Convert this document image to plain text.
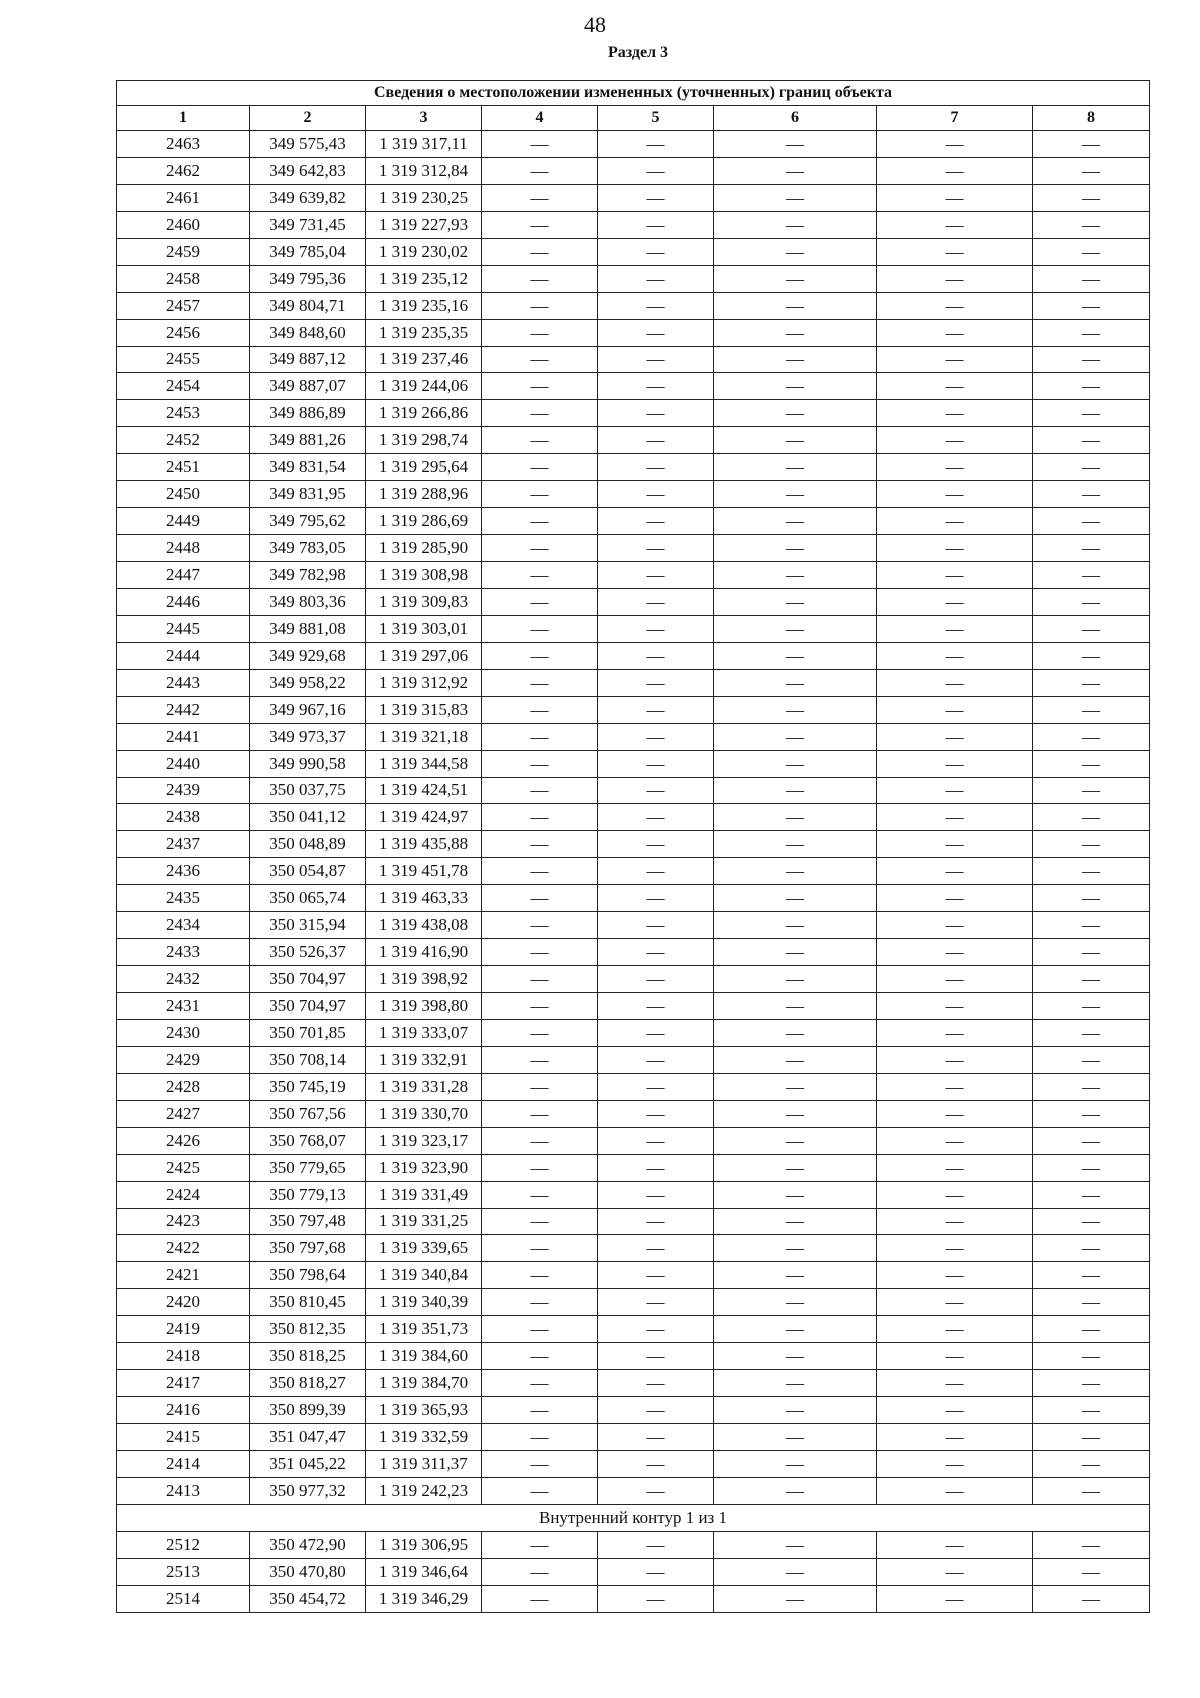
48
Раздел 3
Сведения о местоположении измененных (уточненных) границ объекта							
1	2	3	4	5	6	7	8
2463	349 575,43	1 319 317,11	—	—	—	—	—
2462	349 642,83	1 319 312,84	—	—	—	—	—
2461	349 639,82	1 319 230,25	—	—	—	—	—
2460	349 731,45	1 319 227,93	—	—	—	—	—
2459	349 785,04	1 319 230,02	—	—	—	—	—
2458	349 795,36	1 319 235,12	—	—	—	—	—
2457	349 804,71	1 319 235,16	—	—	—	—	—
2456	349 848,60	1 319 235,35	—	—	—	—	—
2455	349 887,12	1 319 237,46	—	—	—	—	—
2454	349 887,07	1 319 244,06	—	—	—	—	—
2453	349 886,89	1 319 266,86	—	—	—	—	—
2452	349 881,26	1 319 298,74	—	—	—	—	—
2451	349 831,54	1 319 295,64	—	—	—	—	—
2450	349 831,95	1 319 288,96	—	—	—	—	—
2449	349 795,62	1 319 286,69	—	—	—	—	—
2448	349 783,05	1 319 285,90	—	—	—	—	—
2447	349 782,98	1 319 308,98	—	—	—	—	—
2446	349 803,36	1 319 309,83	—	—	—	—	—
2445	349 881,08	1 319 303,01	—	—	—	—	—
2444	349 929,68	1 319 297,06	—	—	—	—	—
2443	349 958,22	1 319 312,92	—	—	—	—	—
2442	349 967,16	1 319 315,83	—	—	—	—	—
2441	349 973,37	1 319 321,18	—	—	—	—	—
2440	349 990,58	1 319 344,58	—	—	—	—	—
2439	350 037,75	1 319 424,51	—	—	—	—	—
2438	350 041,12	1 319 424,97	—	—	—	—	—
2437	350 048,89	1 319 435,88	—	—	—	—	—
2436	350 054,87	1 319 451,78	—	—	—	—	—
2435	350 065,74	1 319 463,33	—	—	—	—	—
2434	350 315,94	1 319 438,08	—	—	—	—	—
2433	350 526,37	1 319 416,90	—	—	—	—	—
2432	350 704,97	1 319 398,92	—	—	—	—	—
2431	350 704,97	1 319 398,80	—	—	—	—	—
2430	350 701,85	1 319 333,07	—	—	—	—	—
2429	350 708,14	1 319 332,91	—	—	—	—	—
2428	350 745,19	1 319 331,28	—	—	—	—	—
2427	350 767,56	1 319 330,70	—	—	—	—	—
2426	350 768,07	1 319 323,17	—	—	—	—	—
2425	350 779,65	1 319 323,90	—	—	—	—	—
2424	350 779,13	1 319 331,49	—	—	—	—	—
2423	350 797,48	1 319 331,25	—	—	—	—	—
2422	350 797,68	1 319 339,65	—	—	—	—	—
2421	350 798,64	1 319 340,84	—	—	—	—	—
2420	350 810,45	1 319 340,39	—	—	—	—	—
2419	350 812,35	1 319 351,73	—	—	—	—	—
2418	350 818,25	1 319 384,60	—	—	—	—	—
2417	350 818,27	1 319 384,70	—	—	—	—	—
2416	350 899,39	1 319 365,93	—	—	—	—	—
2415	351 047,47	1 319 332,59	—	—	—	—	—
2414	351 045,22	1 319 311,37	—	—	—	—	—
2413	350 977,32	1 319 242,23	—	—	—	—	—
Внутренний контур 1 из 1							
2512	350 472,90	1 319 306,95	—	—	—	—	—
2513	350 470,80	1 319 346,64	—	—	—	—	—
2514	350 454,72	1 319 346,29	—	—	—	—	—
